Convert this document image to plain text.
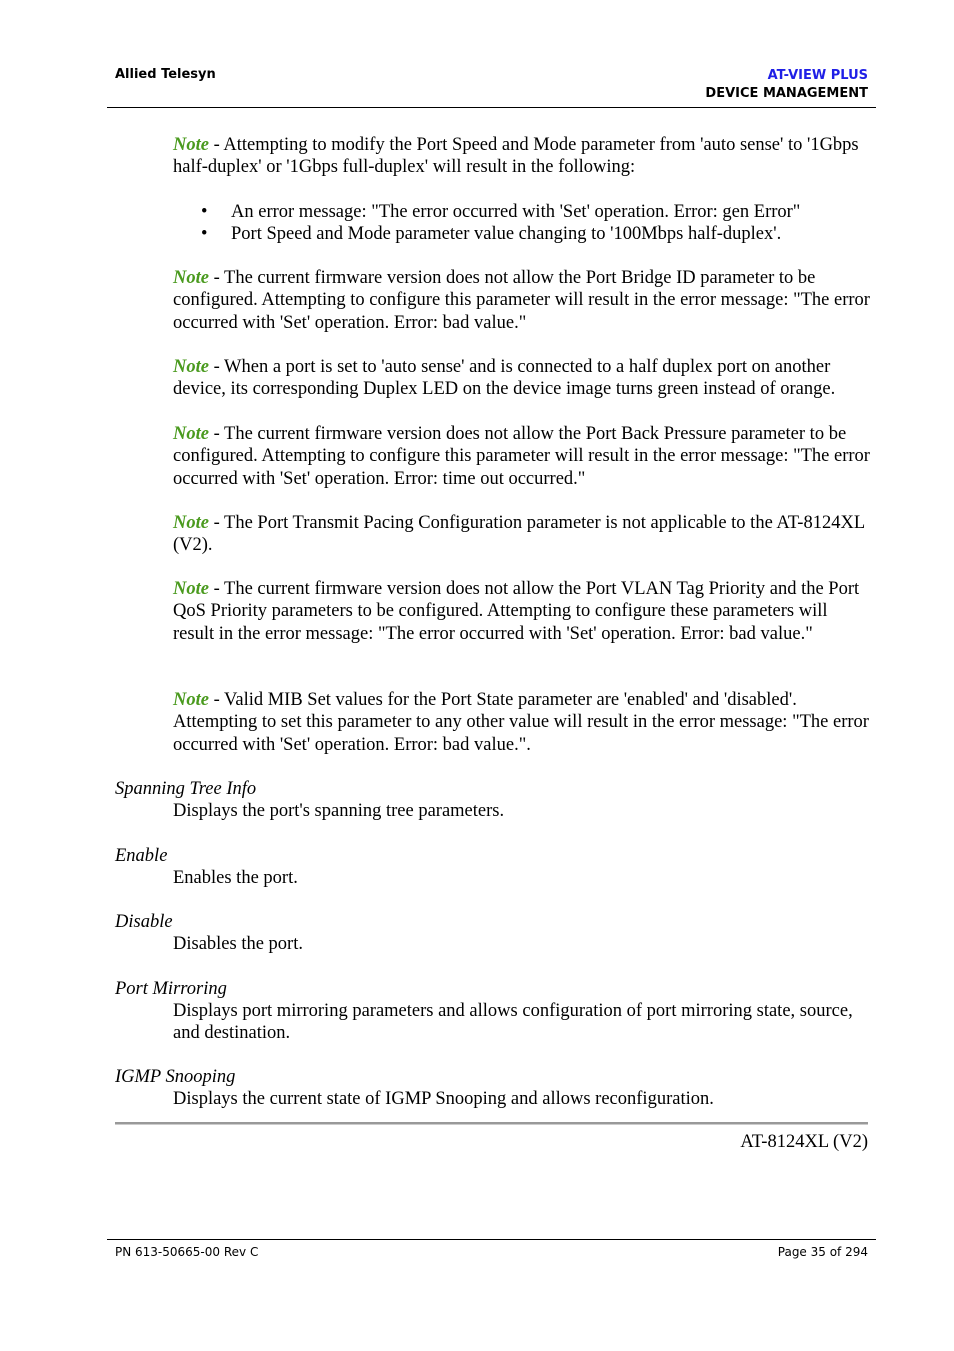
Allied Telesyn	AT-VIEW PLUS
DEVICE MANAGEMENT
Note - Attempting to modify the Port Speed and Mode parameter from 'auto sense' to '1Gbps half-duplex' or '1Gbps full-duplex' will result in the following:
• An error message: "The error occurred with 'Set' operation. Error: gen Error"
• Port Speed and Mode parameter value changing to '100Mbps half-duplex'.
Note - The current firmware version does not allow the Port Bridge ID parameter to be configured. Attempting to configure this parameter will result in the error message: "The error occurred with 'Set' operation. Error: bad value."
Note - When a port is set to 'auto sense' and is connected to a half duplex port on another device, its corresponding Duplex LED on the device image turns green instead of orange.
Note - The current firmware version does not allow the Port Back Pressure parameter to be configured. Attempting to configure this parameter will result in the error message: "The error occurred with 'Set' operation. Error: time out occurred."
Note - The Port Transmit Pacing Configuration parameter is not applicable to the AT-8124XL (V2).
Note - The current firmware version does not allow the Port VLAN Tag Priority and the Port QoS Priority parameters to be configured. Attempting to configure these parameters will result in the error message: "The error occurred with 'Set' operation. Error: bad value."
Note - Valid MIB Set values for the Port State parameter are 'enabled' and 'disabled'. Attempting to set this parameter to any other value will result in the error message: "The error occurred with 'Set' operation. Error: bad value.".
Spanning Tree Info
Displays the port's spanning tree parameters.
Enable
Enables the port.
Disable
Disables the port.
Port Mirroring
Displays port mirroring parameters and allows configuration of port mirroring state, source, and destination.
IGMP Snooping
Displays the current state of IGMP Snooping and allows reconfiguration.
AT-8124XL (V2)
PN 613-50665-00 Rev C	Page 35 of 294
